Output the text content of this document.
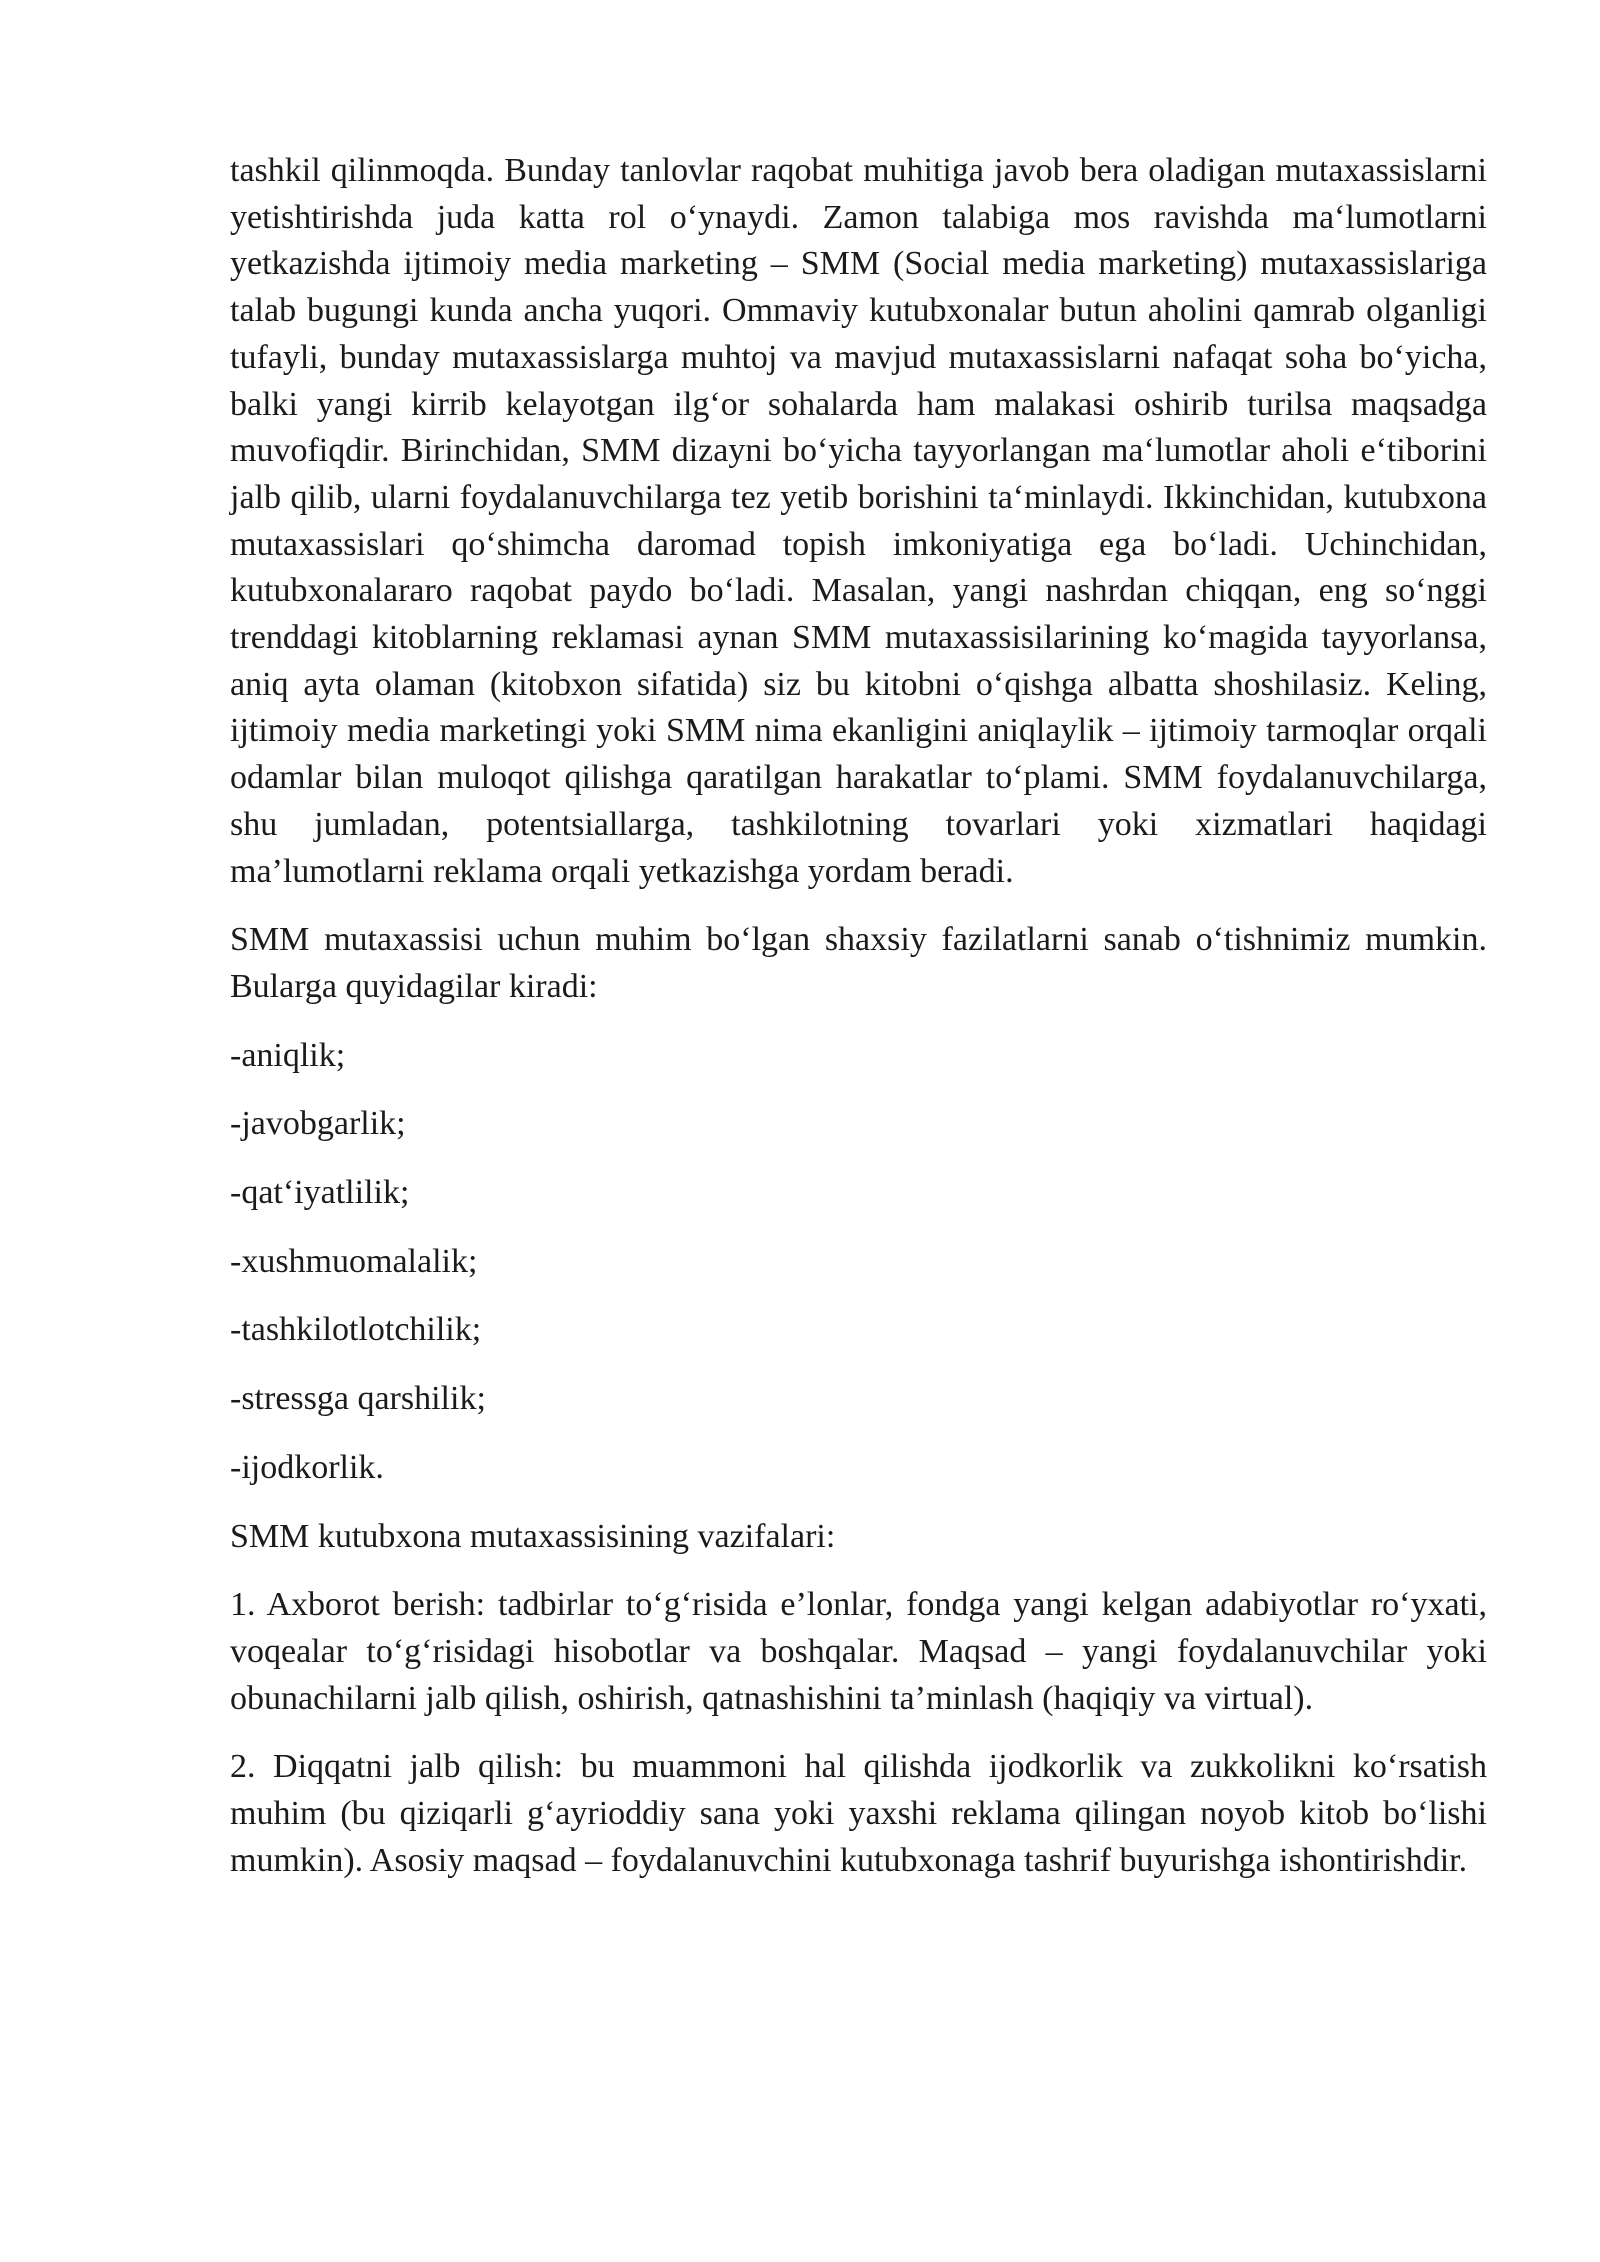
tashkil qilinmoqda. Bunday tanlovlar raqobat muhitiga javob bera oladigan mutaxassislarni yetishtirishda juda katta rol o‘ynaydi. Zamon talabiga mos ravishda ma‘lumotlarni yetkazishda ijtimoiy media marketing – SMM (Social media marketing) mutaxassislariga talab bugungi kunda ancha yuqori. Ommaviy kutubxonalar butun aholini qamrab olganligi tufayli, bunday mutaxassislarga muhtoj va mavjud mutaxassislarni nafaqat soha bo‘yicha, balki yangi kirrib kelayotgan ilg‘or sohalarda ham malakasi oshirib turilsa maqsadga muvofiqdir. Birinchidan, SMM dizayni bo‘yicha tayyorlangan ma‘lumotlar aholi e‘tiborini jalb qilib, ularni foydalanuvchilarga tez yetib borishini ta‘minlaydi. Ikkinchidan, kutubxona mutaxassislari qo‘shimcha daromad topish imkoniyatiga ega bo‘ladi. Uchinchidan, kutubxonalararo raqobat paydo bo‘ladi. Masalan, yangi nashrdan chiqqan, eng so‘nggi trenddagi kitoblarning reklamasi aynan SMM mutaxassisilarining ko‘magida tayyorlansa, aniq ayta olaman (kitobxon sifatida) siz bu kitobni o‘qishga albatta shoshilasiz. Keling, ijtimoiy media marketingi yoki SMM nima ekanligini aniqlaylik – ijtimoiy tarmoqlar orqali odamlar bilan muloqot qilishga qaratilgan harakatlar to‘plami. SMM foydalanuvchilarga, shu jumladan, potentsiallarga, tashkilotning tovarlari yoki xizmatlari haqidagi ma’lumotlarni reklama orqali yetkazishga yordam beradi.

SMM mutaxassisi uchun muhim bo‘lgan shaxsiy fazilatlarni sanab o‘tishnimiz mumkin. Bularga quyidagilar kiradi:

-aniqlik;

-javobgarlik;

-qat‘iyatlilik;

-xushmuomalalik;

-tashkilotlotchilik;

-stressga qarshilik;

-ijodkorlik.

SMM kutubxona mutaxassisining vazifalari:

1. Axborot berish: tadbirlar to‘g‘risida e’lonlar, fondga yangi kelgan adabiyotlar ro‘yxati, voqealar to‘g‘risidagi hisobotlar va boshqalar. Maqsad – yangi foydalanuvchilar yoki obunachilarni jalb qilish, oshirish, qatnashishini ta’minlash (haqiqiy va virtual).

2. Diqqatni jalb qilish: bu muammoni hal qilishda ijodkorlik va zukkolikni ko‘rsatish muhim (bu qiziqarli g‘ayrioddiy sana yoki yaxshi reklama qilingan noyob kitob bo‘lishi mumkin). Asosiy maqsad – foydalanuvchini kutubxonaga tashrif buyurishga ishontirishdir.
